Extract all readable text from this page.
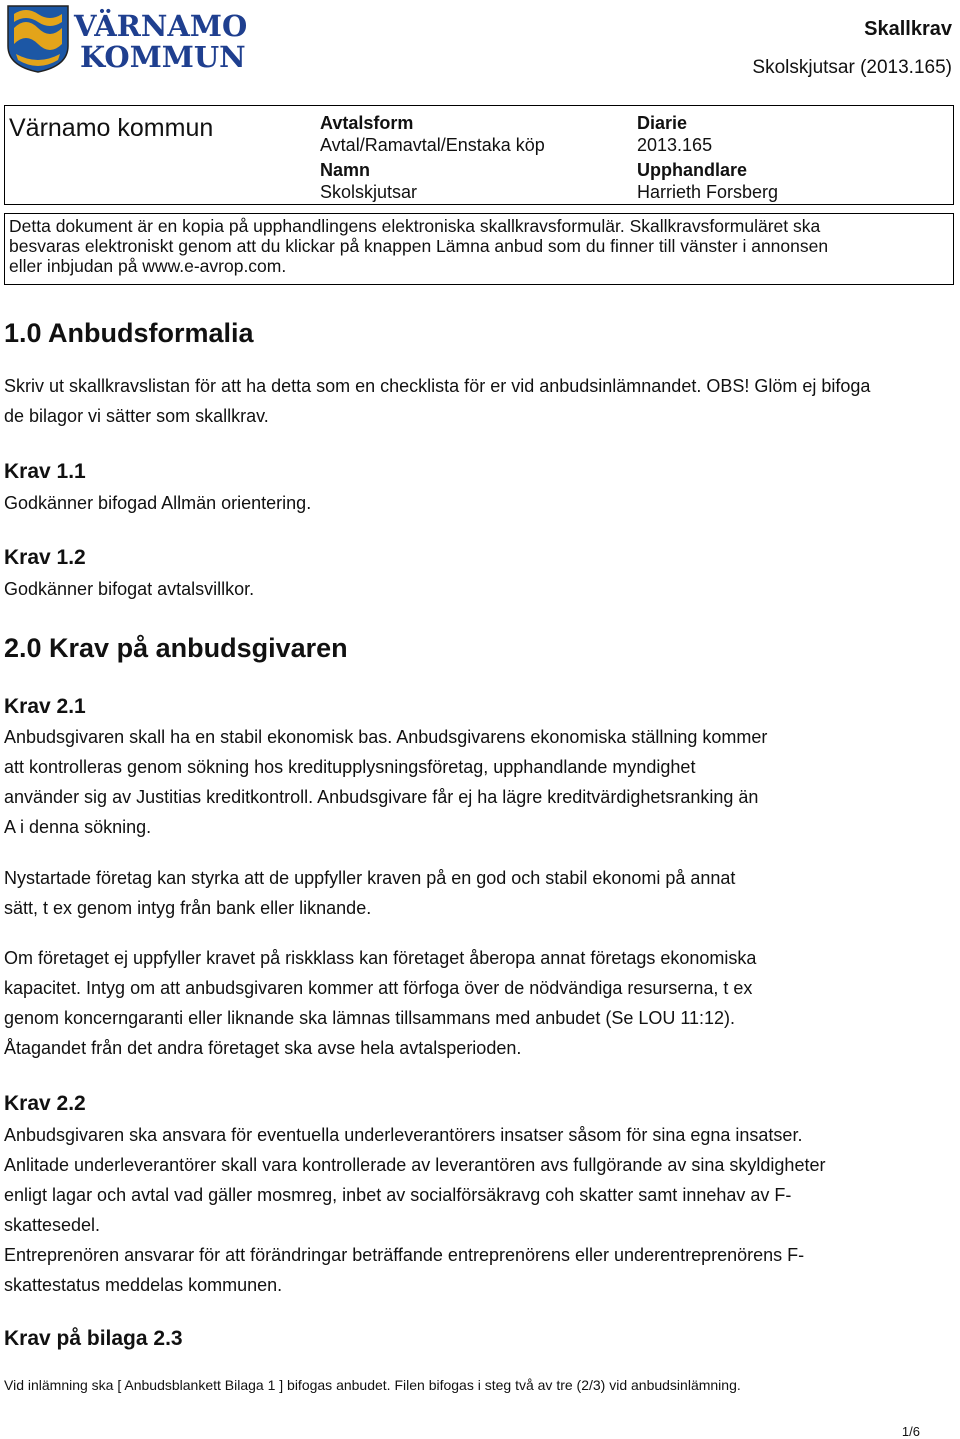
VÄRNAMO
KOMMUN
Skallkrav
Skolskjutsar (2013.165)
Värnamo kommun	Avtalsform
Avtal/Ramavtal/Enstaka köp
Namn
Skolskjutsar
Diarie
2013.165
Upphandlare
Harrieth Forsberg
Detta dokument är en kopia på upphandlingens elektroniska skallkravsformulär. Skallkravsformuläret ska
besvaras elektroniskt genom att du klickar på knappen Lämna anbud som du finner till vänster i annonsen
eller inbjudan på www.e-avrop.com.
1.0 Anbudsformalia
Skriv ut skallkravslistan för att ha detta som en checklista för er vid anbudsinlämnandet. OBS! Glöm ej bifoga
de bilagor vi sätter som skallkrav.
Krav 1.1
Godkänner bifogad Allmän orientering.
Krav 1.2
Godkänner bifogat avtalsvillkor.
2.0 Krav på anbudsgivaren
Krav 2.1
Anbudsgivaren skall ha en stabil ekonomisk bas. Anbudsgivarens ekonomiska ställning kommer
att kontrolleras genom sökning hos kreditupplysningsföretag, upphandlande myndighet
använder sig av Justitias kreditkontroll. Anbudsgivare får ej ha lägre kreditvärdighetsranking än
A i denna sökning.
Nystartade företag kan styrka att de uppfyller kraven på en god och stabil ekonomi på annat
sätt, t ex genom intyg från bank eller liknande.
Om företaget ej uppfyller kravet på riskklass kan företaget åberopa annat företags ekonomiska
kapacitet. Intyg om att anbudsgivaren kommer att förfoga över de nödvändiga resurserna, t ex
genom koncerngaranti eller liknande ska lämnas tillsammans med anbudet (Se LOU 11:12).
Åtagandet från det andra företaget ska avse hela avtalsperioden.
Krav 2.2
Anbudsgivaren ska ansvara för eventuella underleverantörers insatser såsom för sina egna insatser.
Anlitade underleverantörer skall vara kontrollerade av leverantören avs fullgörande av sina skyldigheter
enligt lagar och avtal vad gäller mosmreg, inbet av socialförsäkravg coh skatter samt innehav av F-
skattesedel.
Entreprenören ansvarar för att förändringar beträffande entreprenörens eller underentreprenörens F-
skattestatus meddelas kommunen.
Krav på bilaga 2.3
Vid inlämning ska [ Anbudsblankett Bilaga 1 ] bifogas anbudet. Filen bifogas i steg två av tre (2/3) vid anbudsinlämning.
1/6
